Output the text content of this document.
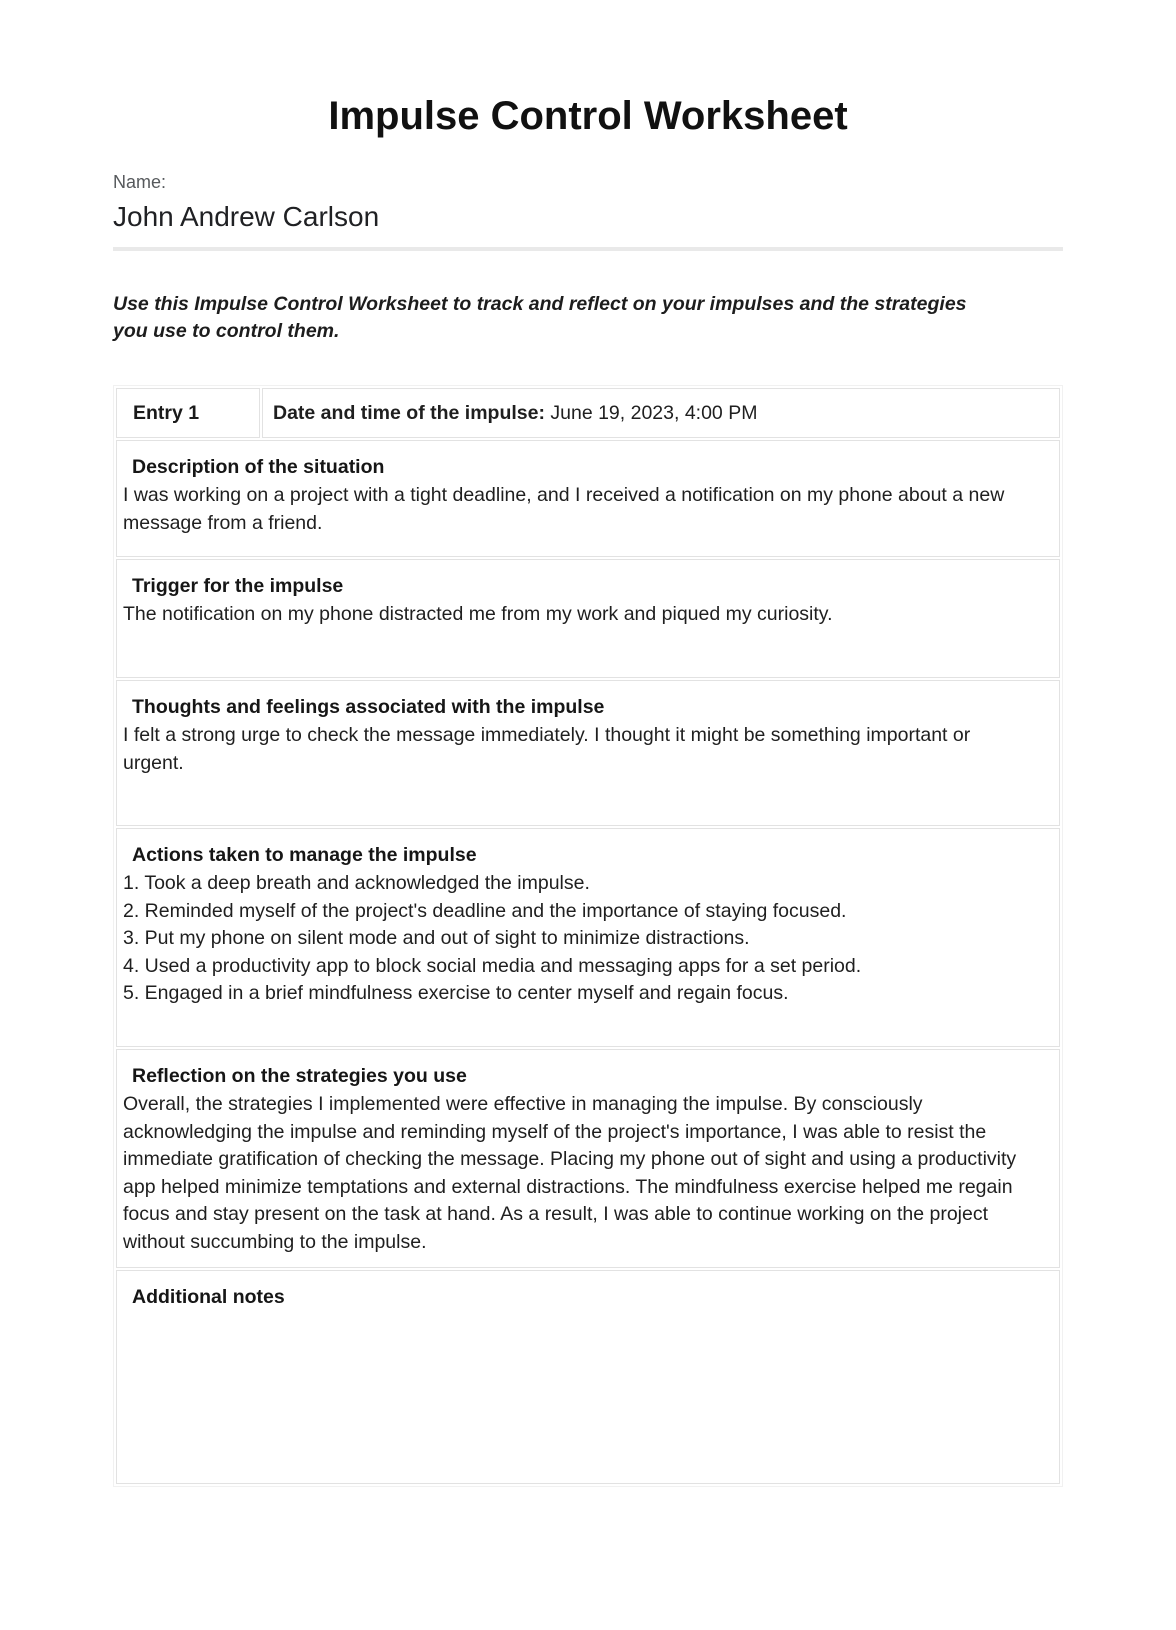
Impulse Control Worksheet
Name:
John Andrew Carlson

Use this Impulse Control Worksheet to track and reflect on your impulses and the strategies you use to control them.

Entry 1	Date and time of the impulse: June 19, 2023, 4:00 PM

Description of the situation
I was working on a project with a tight deadline, and I received a notification on my phone about a new message from a friend.

Trigger for the impulse
The notification on my phone distracted me from my work and piqued my curiosity.

Thoughts and feelings associated with the impulse
I felt a strong urge to check the message immediately. I thought it might be something important or urgent.

Actions taken to manage the impulse
1. Took a deep breath and acknowledged the impulse.
2. Reminded myself of the project's deadline and the importance of staying focused.
3. Put my phone on silent mode and out of sight to minimize distractions.
4. Used a productivity app to block social media and messaging apps for a set period.
5. Engaged in a brief mindfulness exercise to center myself and regain focus.

Reflection on the strategies you use
Overall, the strategies I implemented were effective in managing the impulse. By consciously acknowledging the impulse and reminding myself of the project's importance, I was able to resist the immediate gratification of checking the message. Placing my phone out of sight and using a productivity app helped minimize temptations and external distractions. The mindfulness exercise helped me regain focus and stay present on the task at hand. As a result, I was able to continue working on the project without succumbing to the impulse.

Additional notes
